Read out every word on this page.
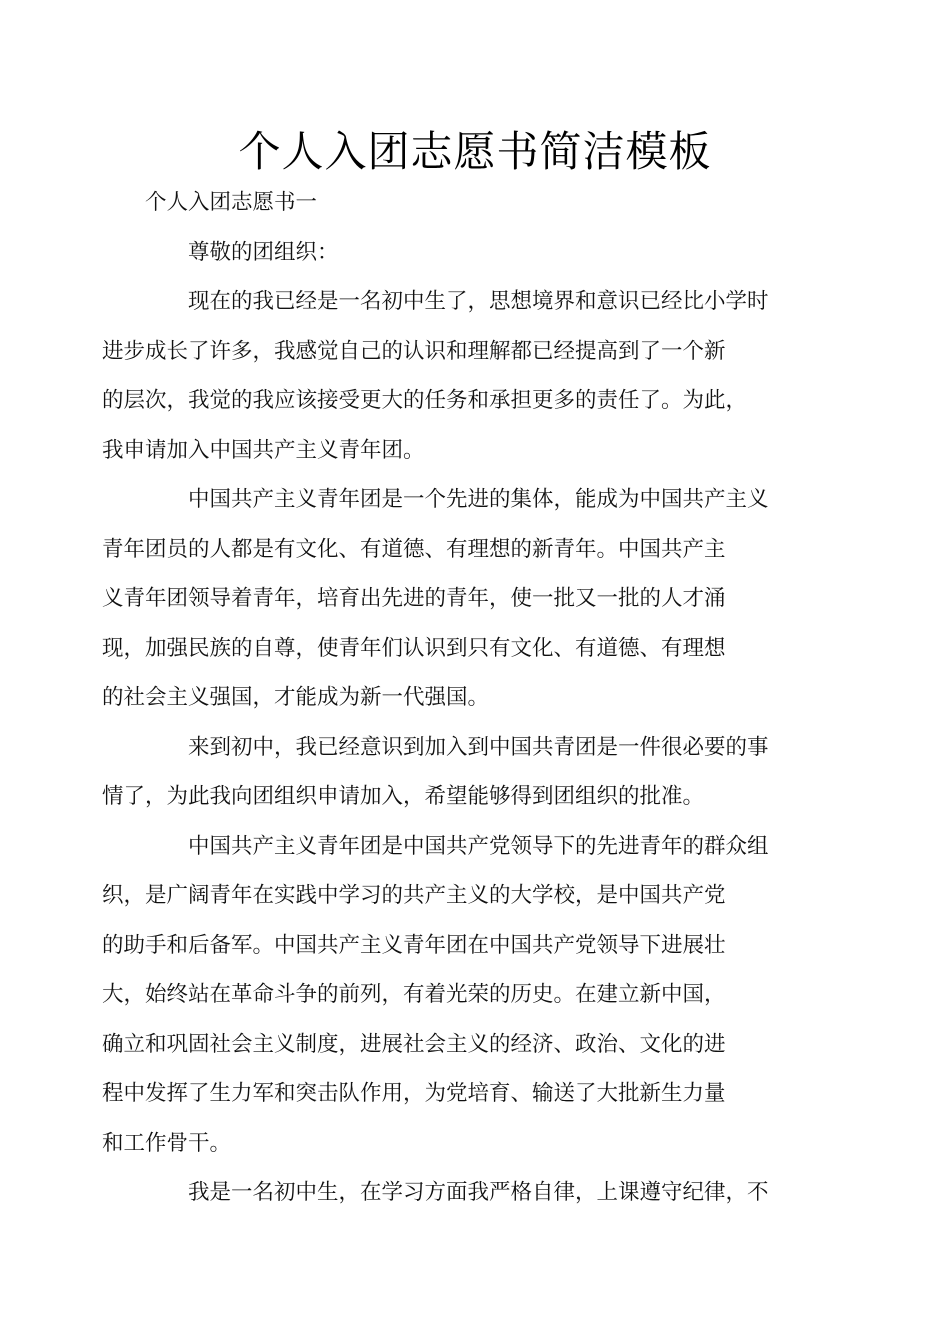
个人入团志愿书简洁模板

个人入团志愿书一

尊敬的团组织：

现在的我已经是一名初中生了，思想境界和意识已经比小学时
进步成长了许多，我感觉自己的认识和理解都已经提高到了一个新
的层次，我觉的我应该接受更大的任务和承担更多的责任了。为此，
我申请加入中国共产主义青年团。

中国共产主义青年团是一个先进的集体，能成为中国共产主义
青年团员的人都是有文化、有道德、有理想的新青年。中国共产主
义青年团领导着青年，培育出先进的青年，使一批又一批的人才涌
现，加强民族的自尊，使青年们认识到只有文化、有道德、有理想
的社会主义强国，才能成为新一代强国。

来到初中，我已经意识到加入到中国共青团是一件很必要的事
情了，为此我向团组织申请加入，希望能够得到团组织的批准。

中国共产主义青年团是中国共产党领导下的先进青年的群众组
织，是广阔青年在实践中学习的共产主义的大学校，是中国共产党
的助手和后备军。中国共产主义青年团在中国共产党领导下进展壮
大，始终站在革命斗争的前列，有着光荣的历史。在建立新中国，
确立和巩固社会主义制度，进展社会主义的经济、政治、文化的进
程中发挥了生力军和突击队作用，为党培育、输送了大批新生力量
和工作骨干。

我是一名初中生，在学习方面我严格自律，上课遵守纪律，不
